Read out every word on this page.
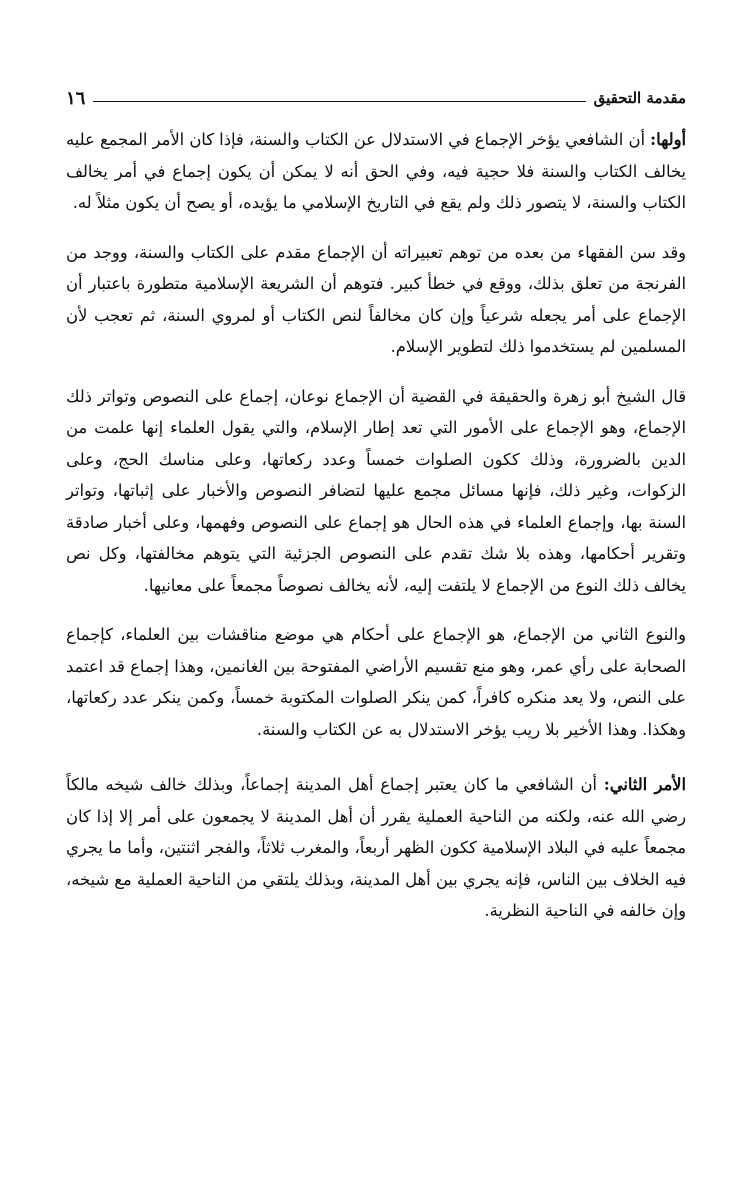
مقدمة التحقيق
١٦

أولها: أن الشافعي يؤخر الإجماع في الاستدلال عن الكتاب والسنة، فإذا كان الأمر المجمع عليه يخالف الكتاب والسنة فلا حجية فيه، وفي الحق أنه لا يمكن أن يكون إجماع في أمر يخالف الكتاب والسنة، لا يتصور ذلك ولم يقع في التاريخ الإسلامي ما يؤيده، أو يصح أن يكون مثلاً له.

وقد سن الفقهاء من بعده من توهم تعبيراته أن الإجماع مقدم على الكتاب والسنة، ووجد من الفرنجة من تعلق بذلك، ووقع في خطأ كبير. فتوهم أن الشريعة الإسلامية متطورة باعتبار أن الإجماع على أمر يجعله شرعياً وإن كان مخالفاً لنص الكتاب أو لمروي السنة، ثم تعجب لأن المسلمين لم يستخدموا ذلك لتطوير الإسلام.

قال الشيخ أبو زهرة والحقيقة في القضية أن الإجماع نوعان، إجماع على النصوص وتواتر ذلك الإجماع، وهو الإجماع على الأمور التي تعد إطار الإسلام، والتي يقول العلماء إنها علمت من الدين بالضرورة، وذلك ككون الصلوات خمساً وعدد ركعاتها، وعلى مناسك الحج، وعلى الزكوات، وغير ذلك، فإنها مسائل مجمع عليها لتضافر النصوص والأخبار على إثباتها، وتواتر السنة بها، وإجماع العلماء في هذه الحال هو إجماع على النصوص وفهمها، وعلى أخبار صادقة وتقرير أحكامها، وهذه بلا شك تقدم على النصوص الجزئية التي يتوهم مخالفتها، وكل نص يخالف ذلك النوع من الإجماع لا يلتفت إليه، لأنه يخالف نصوصاً مجمعاً على معانيها.

والنوع الثاني من الإجماع، هو الإجماع على أحكام هي موضع مناقشات بين العلماء، كإجماع الصحابة على رأي عمر، وهو منع تقسيم الأراضي المفتوحة بين الغانمين، وهذا إجماع قد اعتمد على النص، ولا يعد منكره كافراً، كمن ينكر الصلوات المكتوبة خمساً، وكمن ينكر عدد ركعاتها، وهكذا. وهذا الأخير بلا ريب يؤخر الاستدلال به عن الكتاب والسنة.

الأمر الثاني: أن الشافعي ما كان يعتبر إجماع أهل المدينة إجماعاً، وبذلك خالف شيخه مالكاً رضي الله عنه، ولكنه من الناحية العملية يقرر أن أهل المدينة لا يجمعون على أمر إلا إذا كان مجمعاً عليه في البلاد الإسلامية ككون الظهر أربعاً، والمغرب ثلاثاً، والفجر اثنتين، وأما ما يجري فيه الخلاف بين الناس، فإنه يجري بين أهل المدينة، وبذلك يلتقي من الناحية العملية مع شيخه، وإن خالفه في الناحية النظرية.
